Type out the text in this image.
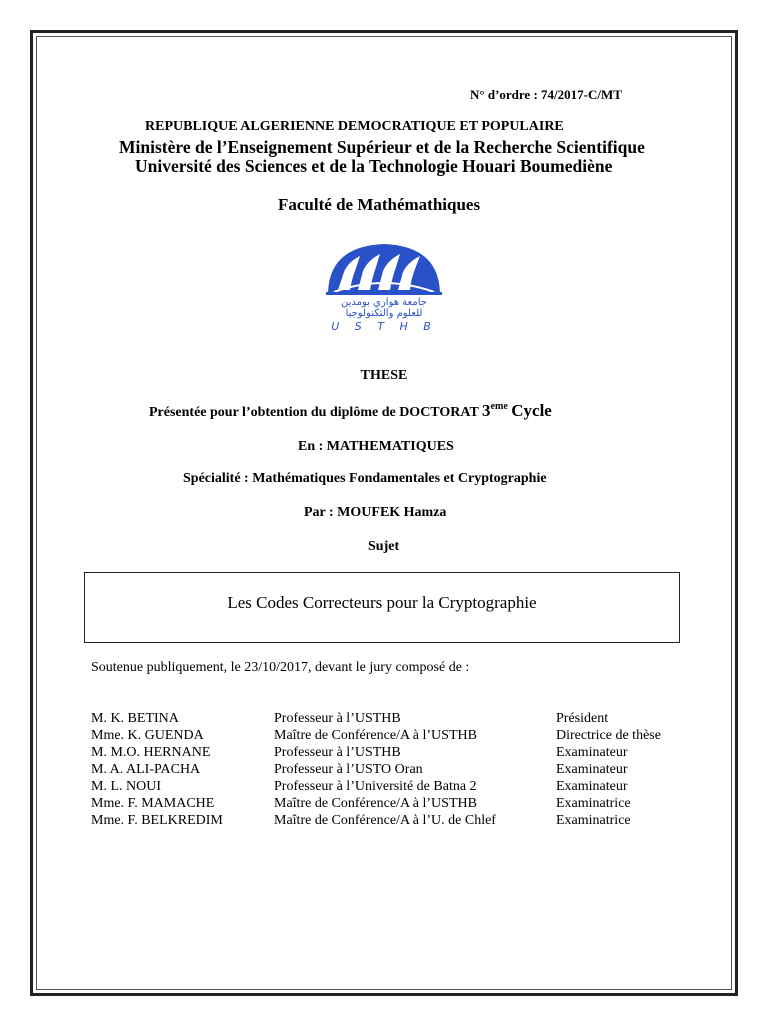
N° d’ordre : 74/2017-C/MT
REPUBLIQUE ALGERIENNE DEMOCRATIQUE ET POPULAIRE
Ministère de l’Enseignement Supérieur et de la Recherche Scientifique
Université des Sciences et de la Technologie Houari Boumediène
Faculté de Mathémathiques
جامعة هواري بومدين
للعلوم والتكنولوجيا
U S T H B
THESE
Présentée pour l’obtention du diplôme de DOCTORAT 3eme Cycle
En : MATHEMATIQUES
Spécialité : Mathématiques Fondamentales et Cryptographie
Par : MOUFEK Hamza
Sujet
Les Codes Correcteurs pour la Cryptographie
Soutenue publiquement, le 23/10/2017, devant le jury composé de :
M. K. BETINA	Professeur à l’USTHB	Président
Mme. K. GUENDA	Maître de Conférence/A à l’USTHB	Directrice de thèse
M. M.O. HERNANE	Professeur à l’USTHB	Examinateur
M. A. ALI-PACHA	Professeur à l’USTO Oran	Examinateur
M. L. NOUI	Professeur à l’Université de Batna 2	Examinateur
Mme. F. MAMACHE	Maître de Conférence/A à l’USTHB	Examinatrice
Mme. F. BELKREDIM	Maître de Conférence/A à l’U. de Chlef	Examinatrice
